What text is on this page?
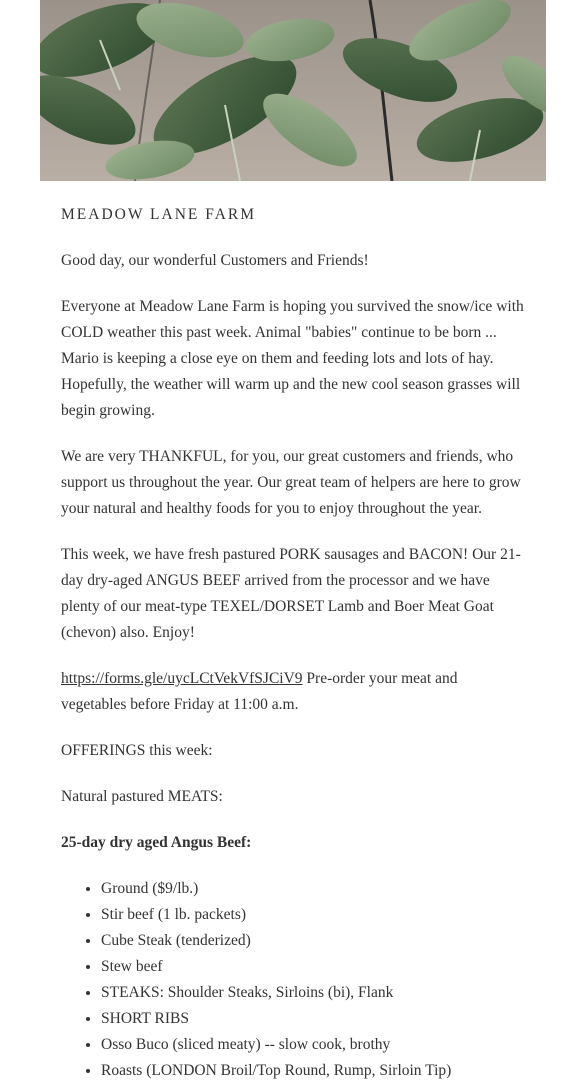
MEADOW LANE FARM

Good day, our wonderful Customers and Friends!

Everyone at Meadow Lane Farm is hoping you survived the snow/ice with COLD weather this past week. Animal "babies" continue to be born ... Mario is keeping a close eye on them and feeding lots and lots of hay. Hopefully, the weather will warm up and the new cool season grasses will begin growing.

We are very THANKFUL, for you, our great customers and friends, who support us throughout the year. Our great team of helpers are here to grow your natural and healthy foods for you to enjoy throughout the year.

This week, we have fresh pastured PORK sausages and BACON! Our 21-day dry-aged ANGUS BEEF arrived from the processor and we have plenty of our meat-type TEXEL/DORSET Lamb and Boer Meat Goat (chevon) also. Enjoy!

https://forms.gle/uycLCtVekVfSJCiV9 Pre-order your meat and vegetables before Friday at 11:00 a.m.

OFFERINGS this week:

Natural pastured MEATS:

25-day dry aged Angus Beef:

• Ground ($9/lb.)
• Stir beef (1 lb. packets)
• Cube Steak (tenderized)
• Stew beef
• STEAKS: Shoulder Steaks, Sirloins (bi), Flank
• SHORT RIBS
• Osso Buco (sliced meaty) -- slow cook, brothy
• Roasts (LONDON Broil/Top Round, Rump, Sirloin Tip)
